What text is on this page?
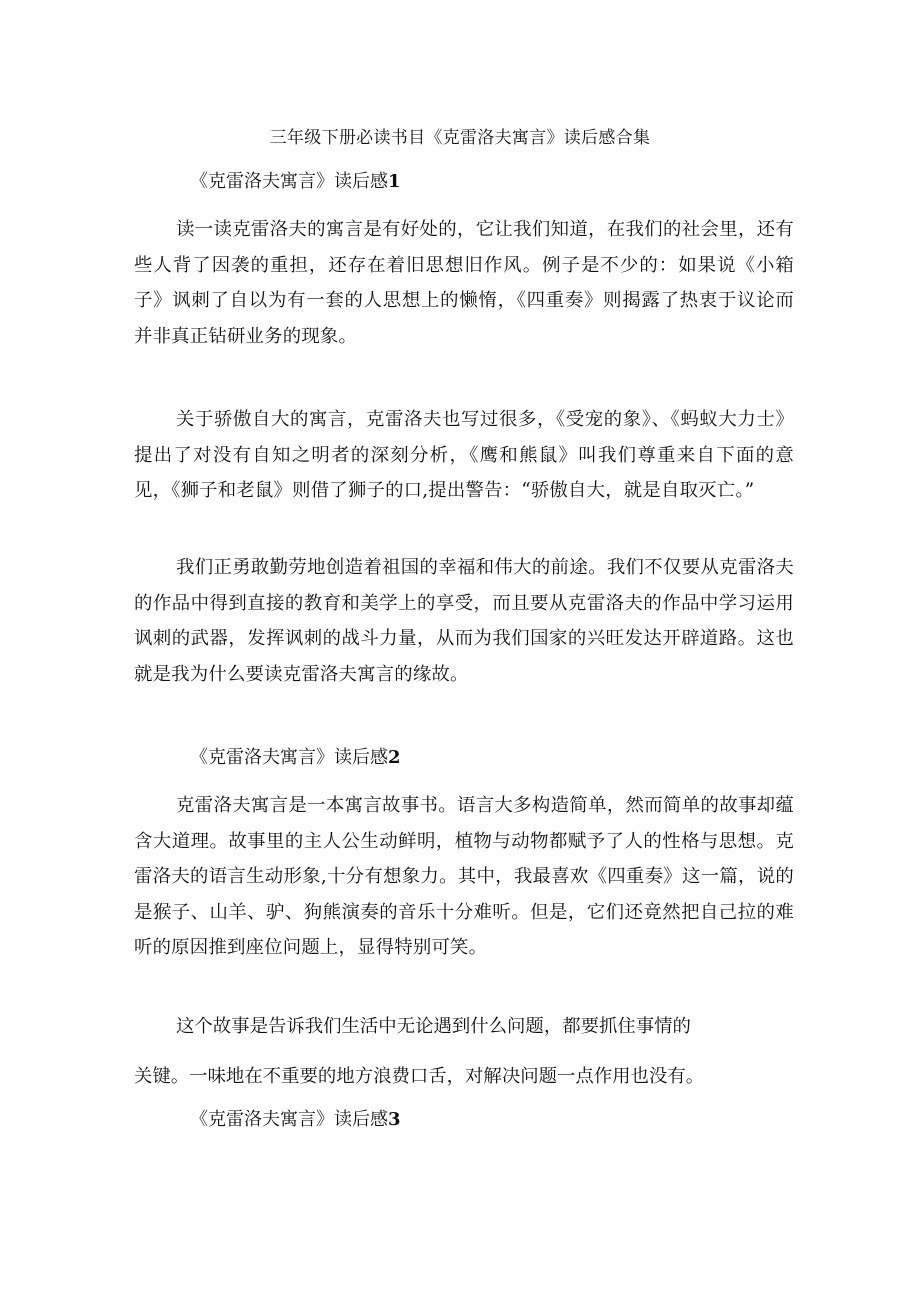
三年级下册必读书目《克雷洛夫寓言》读后感合集
《克雷洛夫寓言》读后感1

读一读克雷洛夫的寓言是有好处的，它让我们知道，在我们的社会里，还有些人背了因袭的重担，还存在着旧思想旧作风。例子是不少的：如果说《小箱子》讽刺了自以为有一套的人思想上的懒惰，《四重奏》则揭露了热衷于议论而并非真正钻研业务的现象。

关于骄傲自大的寓言，克雷洛夫也写过很多，《受宠的象》、《蚂蚁大力士》提出了对没有自知之明者的深刻分析，《鹰和熊鼠》叫我们尊重来自下面的意见，《狮子和老鼠》则借了狮子的口,提出警告：“骄傲自大，就是自取灭亡。”

我们正勇敢勤劳地创造着祖国的幸福和伟大的前途。我们不仅要从克雷洛夫的作品中得到直接的教育和美学上的享受，而且要从克雷洛夫的作品中学习运用讽刺的武器，发挥讽刺的战斗力量，从而为我们国家的兴旺发达开辟道路。这也就是我为什么要读克雷洛夫寓言的缘故。

《克雷洛夫寓言》读后感2

克雷洛夫寓言是一本寓言故事书。语言大多构造简单，然而简单的故事却蕴含大道理。故事里的主人公生动鲜明，植物与动物都赋予了人的性格与思想。克雷洛夫的语言生动形象,十分有想象力。其中，我最喜欢《四重奏》这一篇，说的是猴子、山羊、驴、狗熊演奏的音乐十分难听。但是，它们还竟然把自己拉的难听的原因推到座位问题上，显得特别可笑。

这个故事是告诉我们生活中无论遇到什么问题，都要抓住事情的

关键。一味地在不重要的地方浪费口舌，对解决问题一点作用也没有。

《克雷洛夫寓言》读后感3
